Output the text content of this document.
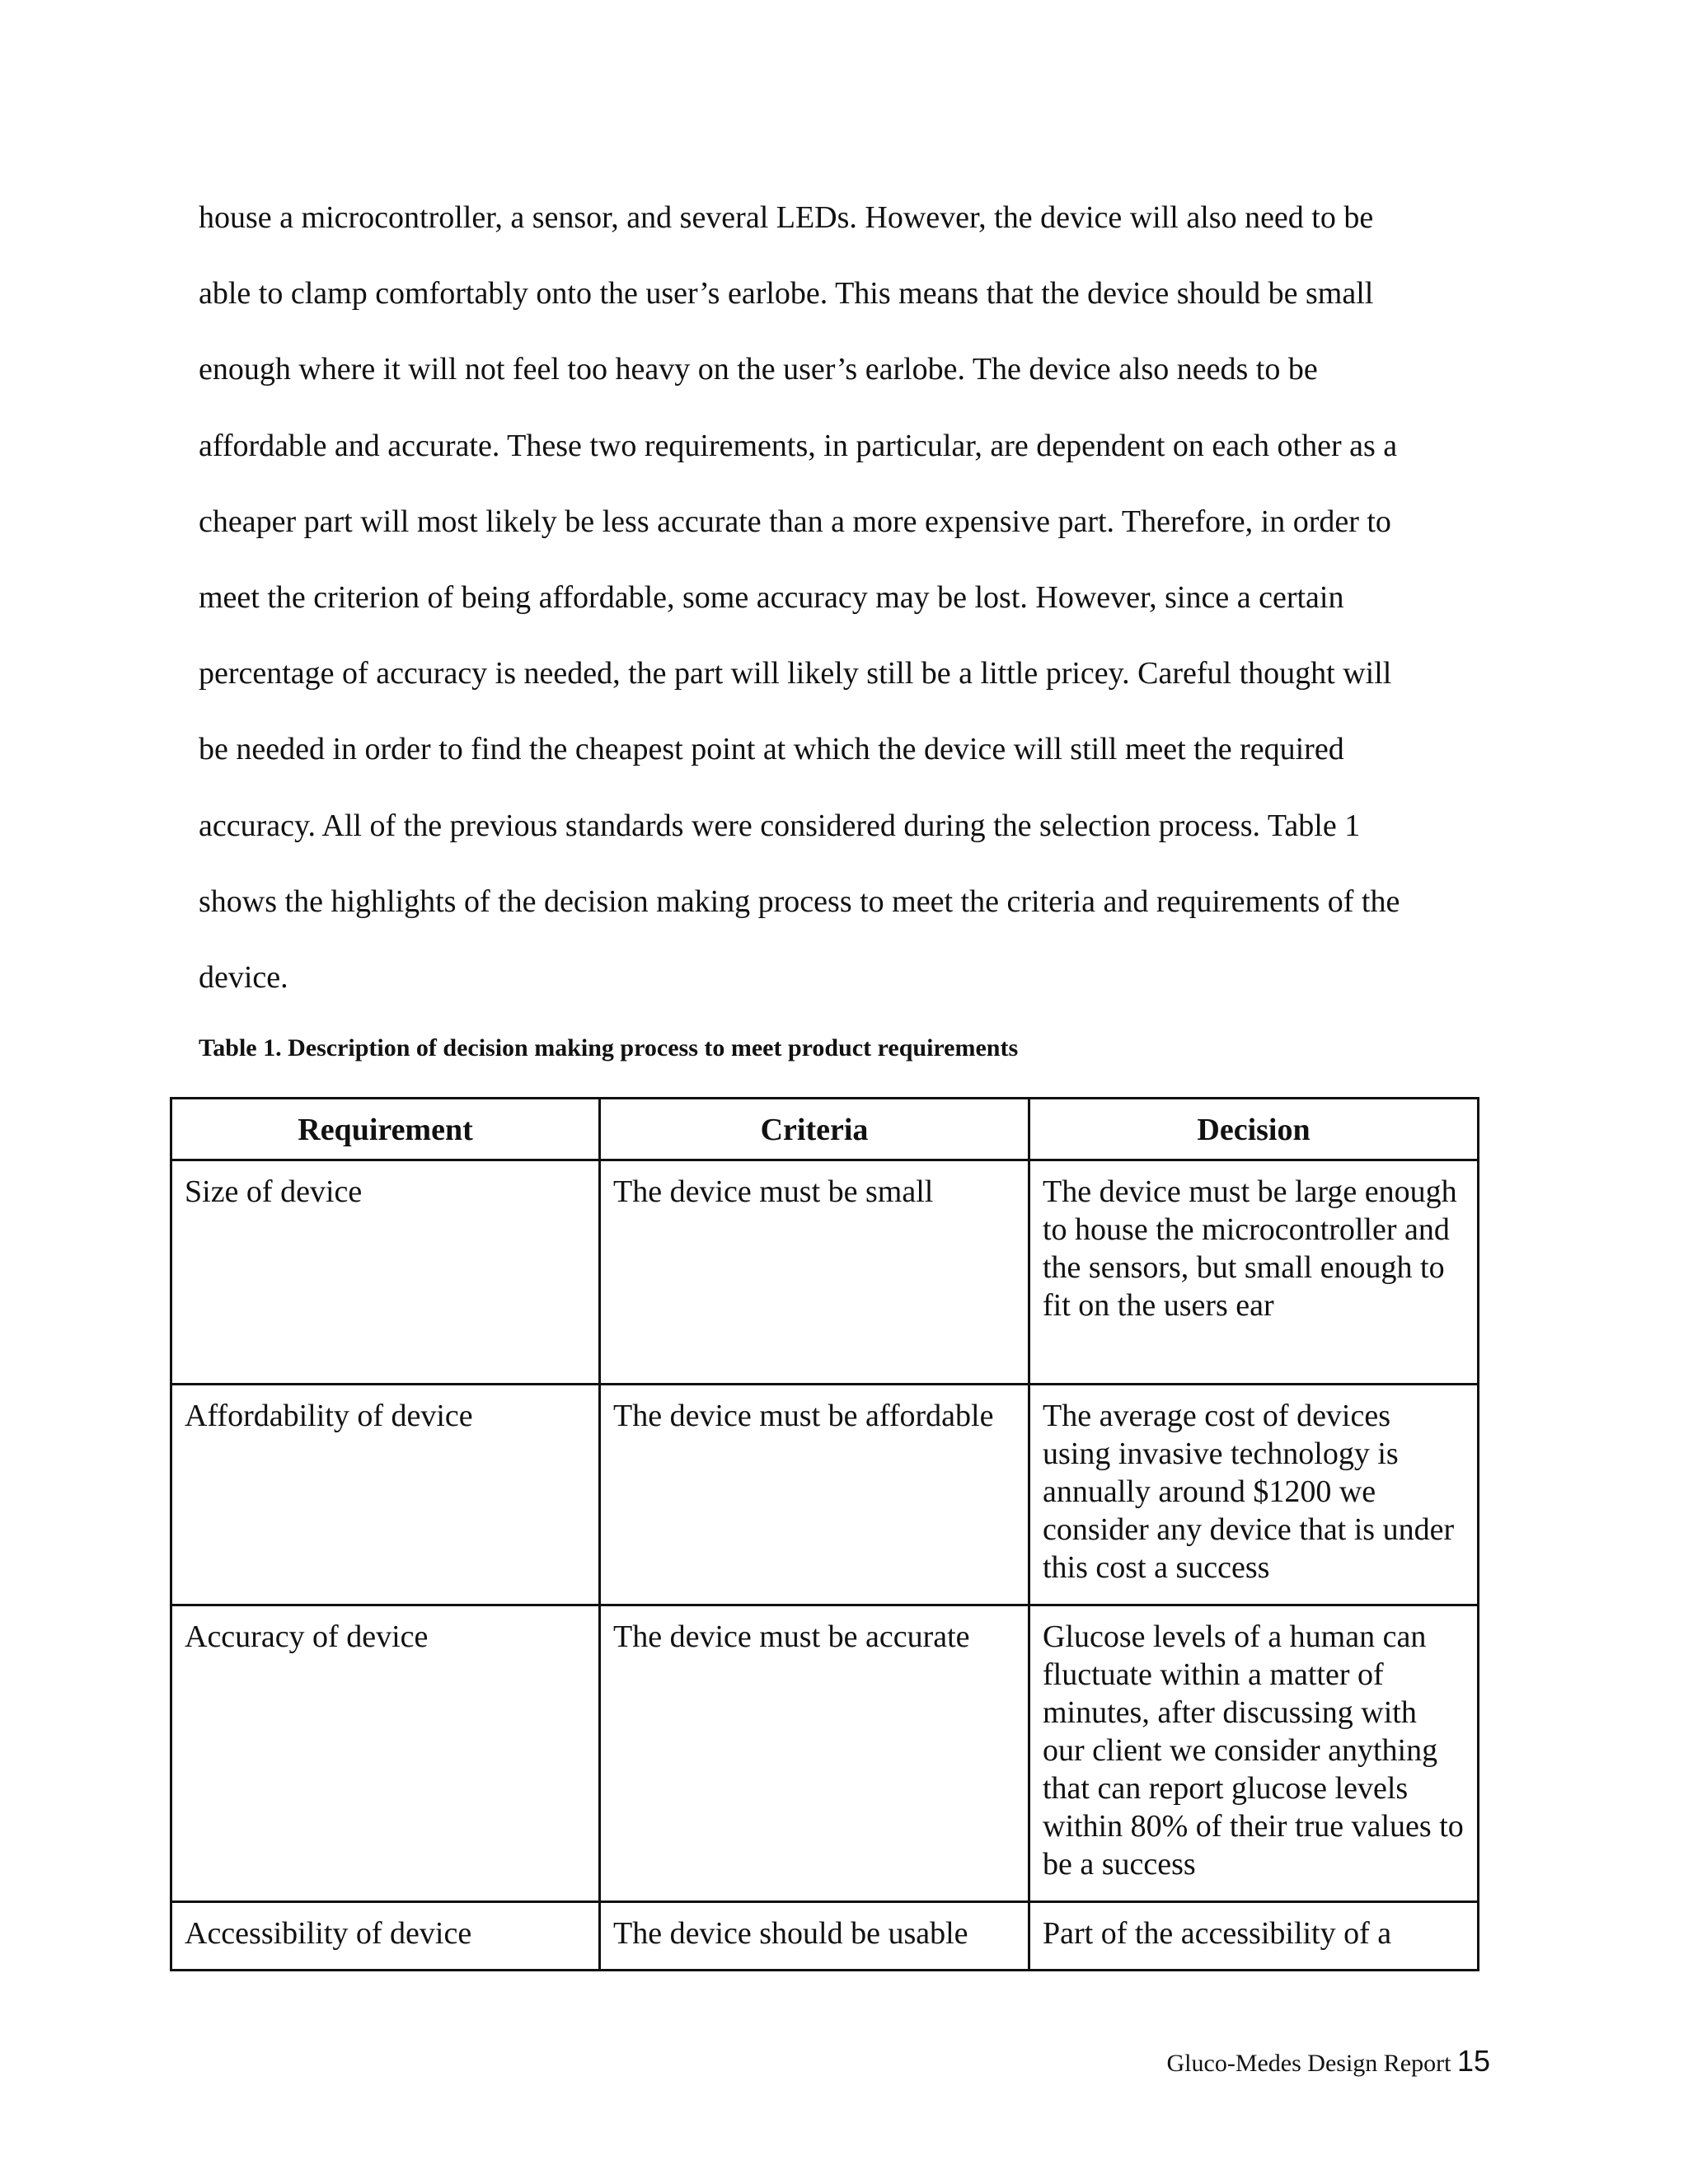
house a microcontroller, a sensor, and several LEDs. However, the device will also need to be
able to clamp comfortably onto the user’s earlobe. This means that the device should be small
enough where it will not feel too heavy on the user’s earlobe. The device also needs to be
affordable and accurate. These two requirements, in particular, are dependent on each other as a
cheaper part will most likely be less accurate than a more expensive part. Therefore, in order to
meet the criterion of being affordable, some accuracy may be lost. However, since a certain
percentage of accuracy is needed, the part will likely still be a little pricey. Careful thought will
be needed in order to find the cheapest point at which the device will still meet the required
accuracy. All of the previous standards were considered during the selection process. Table 1
shows the highlights of the decision making process to meet the criteria and requirements of the
device.
Table 1. Description of decision making process to meet product requirements
Requirement	Criteria	Decision
Size of device	The device must be small	The device must be large enough to house the microcontroller and the sensors, but small enough to fit on the users ear
Affordability of device	The device must be affordable	The average cost of devices using invasive technology is annually around $1200 we consider any device that is under this cost a success
Accuracy of device	The device must be accurate	Glucose levels of a human can fluctuate within a matter of minutes, after discussing with our client we consider anything that can report glucose levels within 80% of their true values to be a success
Accessibility of device	The device should be usable	Part of the accessibility of a
Gluco-Medes Design Report 15
